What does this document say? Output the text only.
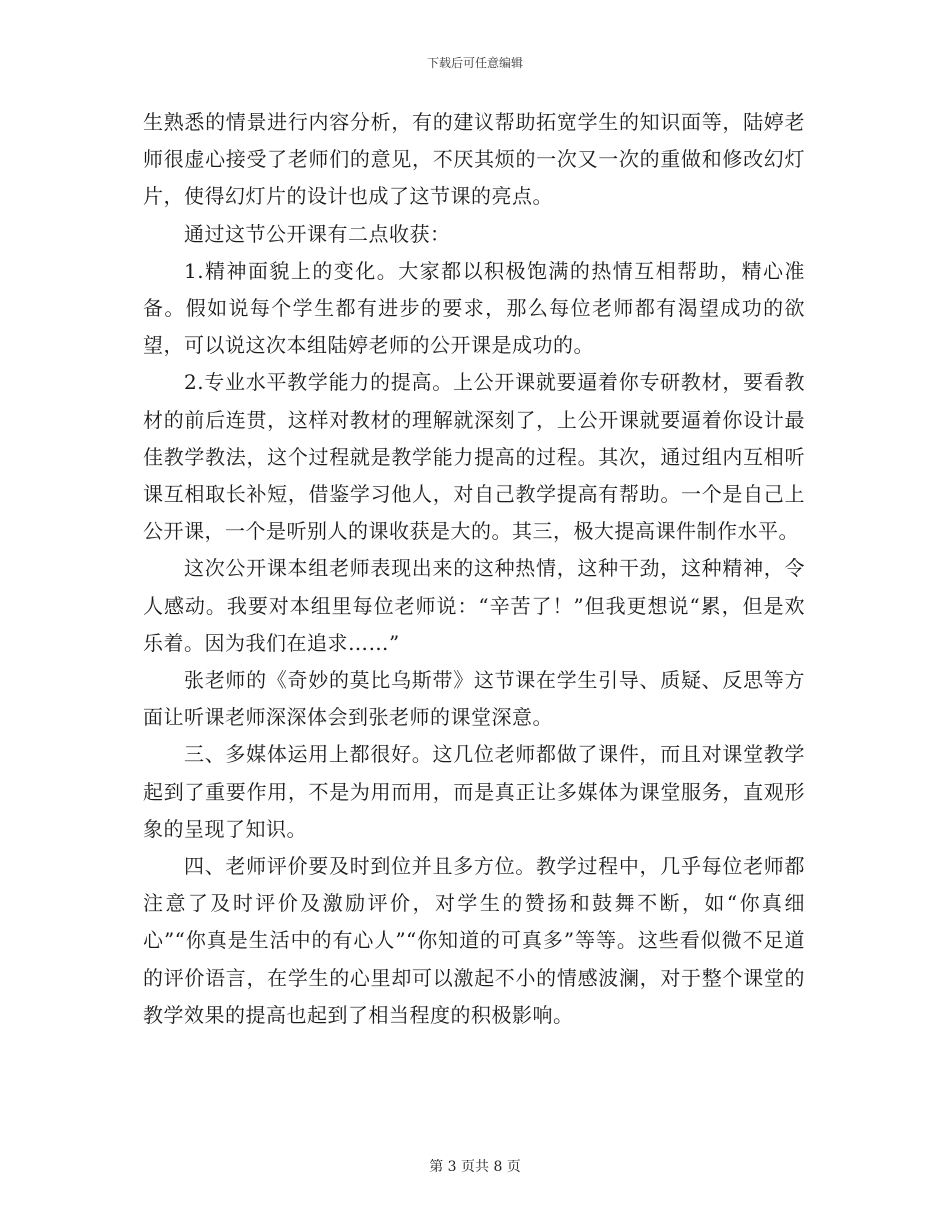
下载后可任意编辑

生熟悉的情景进行内容分析，有的建议帮助拓宽学生的知识面等，陆婷老师很虚心接受了老师们的意见，不厌其烦的一次又一次的重做和修改幻灯片，使得幻灯片的设计也成了这节课的亮点。

通过这节公开课有二点收获：

1.精神面貌上的变化。大家都以积极饱满的热情互相帮助，精心准备。假如说每个学生都有进步的要求，那么每位老师都有渴望成功的欲望，可以说这次本组陆婷老师的公开课是成功的。

2.专业水平教学能力的提高。上公开课就要逼着你专研教材，要看教材的前后连贯，这样对教材的理解就深刻了，上公开课就要逼着你设计最佳教学教法，这个过程就是教学能力提高的过程。其次，通过组内互相听课互相取长补短，借鉴学习他人，对自己教学提高有帮助。一个是自己上公开课，一个是听别人的课收获是大的。其三，极大提高课件制作水平。

这次公开课本组老师表现出来的这种热情，这种干劲，这种精神，令人感动。我要对本组里每位老师说：“辛苦了！”但我更想说“累，但是欢乐着。因为我们在追求……”

张老师的《奇妙的莫比乌斯带》这节课在学生引导、质疑、反思等方面让听课老师深深体会到张老师的课堂深意。

三、多媒体运用上都很好。这几位老师都做了课件，而且对课堂教学起到了重要作用，不是为用而用，而是真正让多媒体为课堂服务，直观形象的呈现了知识。

四、老师评价要及时到位并且多方位。教学过程中，几乎每位老师都注意了及时评价及激励评价，对学生的赞扬和鼓舞不断，如“你真细心”“你真是生活中的有心人”“你知道的可真多”等等。这些看似微不足道的评价语言，在学生的心里却可以激起不小的情感波澜，对于整个课堂的教学效果的提高也起到了相当程度的积极影响。

第 3 页共 8 页
